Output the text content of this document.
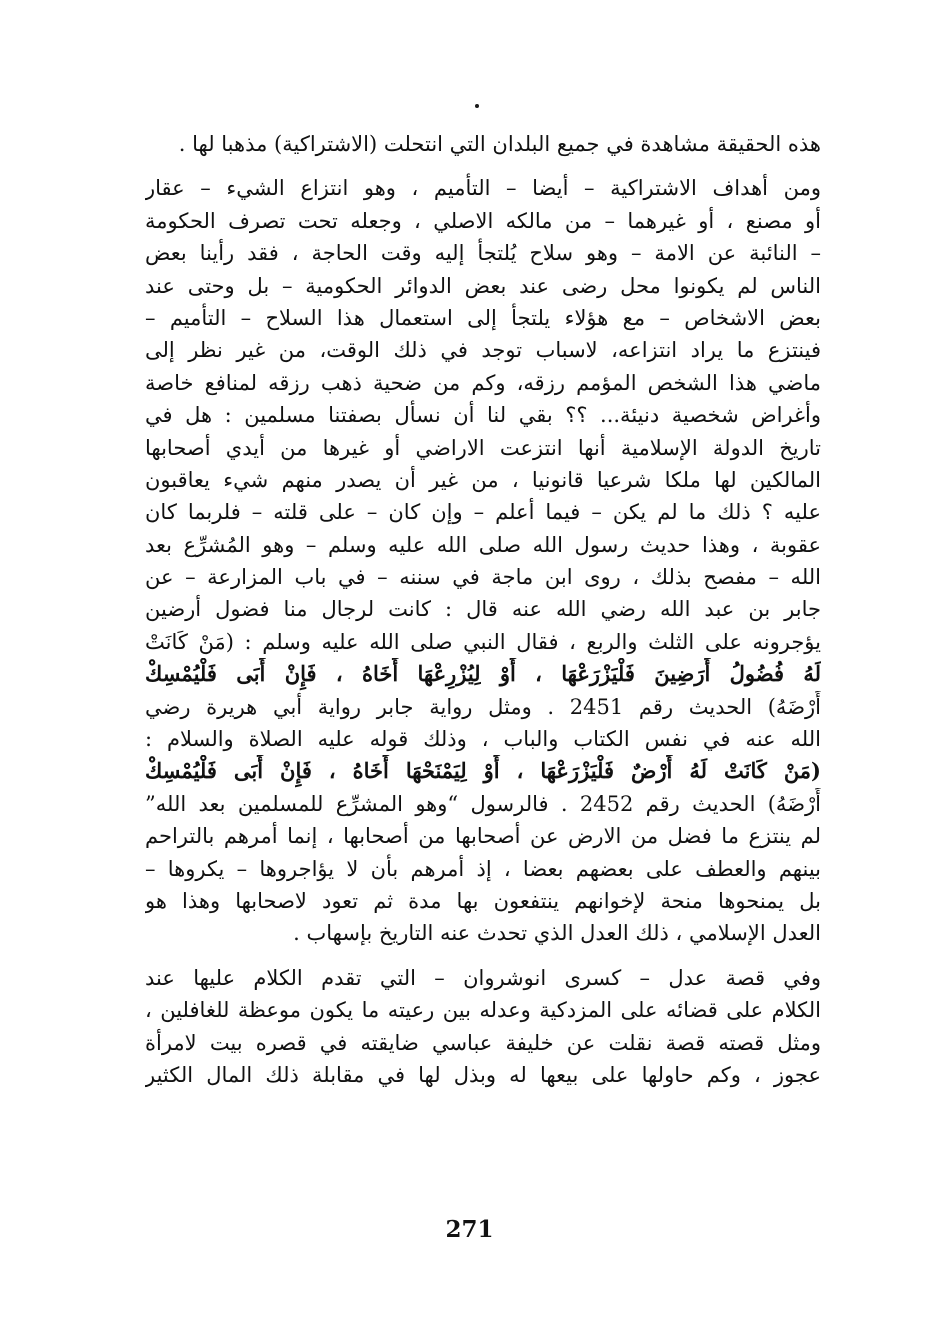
هذه الحقيقة مشاهدة في جميع البلدان التي انتحلت (الاشتراكية) مذهبا لها .
ومن أهداف الاشتراكية – أيضا – التأميم ، وهو انتزاع الشيء – عقار
أو مصنع ، أو غيرهما – من مالكه الاصلي ، وجعله تحت تصرف الحكومة
– النائبة عن الامة – وهو سلاح يُلتجأ إليه وقت الحاجة ، فقد رأينا بعض
الناس لم يكونوا محل رضى عند بعض الدوائر الحكومية – بل وحتى عند
بعض الاشخاص – مع هؤلاء يلتجأ إلى استعمال هذا السلاح – التأميم –
فينتزع ما يراد انتزاعه، لاسباب توجد في ذلك الوقت، من غير نظر إلى
ماضي هذا الشخص المؤمم رزقه، وكم من ضحية ذهب رزقه لمنافع خاصة
وأغراض شخصية دنيئة... ؟؟ بقي لنا أن نسأل بصفتنا مسلمين : هل في
تاريخ الدولة الإسلامية أنها انتزعت الاراضي أو غيرها من أيدي أصحابها
المالكين لها ملكا شرعيا قانونيا ، من غير أن يصدر منهم شيء يعاقبون
عليه ؟ ذلك ما لم يكن – فيما أعلم – وإن كان – على قلته – فلربما كان
عقوبة ، وهذا حديث رسول الله صلى الله عليه وسلم – وهو المُشرِّع بعد
الله – مفصح بذلك ، روى ابن ماجة في سننه – في باب المزارعة – عن
جابر بن عبد الله رضي الله عنه قال : كانت لرجال منا فضول أرضين
يؤجرونه على الثلث والربع ، فقال النبي صلى الله عليه وسلم : (مَنْ كَانَتْ
لَهُ فُضُولُ أَرَضِينَ فَلْيَزْرَعْهَا ، أَوْ لِيُزْرِعْهَا أَخَاهُ ، فَإِنْ أَبَى فَلْيُمْسِكْ
أَرْضَهُ) الحديث رقم 2451 . ومثل رواية جابر رواية أبي هريرة رضي
الله عنه في نفس الكتاب والباب ، وذلك قوله عليه الصلاة والسلام :
(مَنْ كَانَتْ لَهُ أَرْضٌ فَلْيَزْرَعْهَا ، أَوْ لِيَمْنَحْهَا أَخَاهُ ، فَإِنْ أَبَى فَلْيُمْسِكْ
أَرْضَهُ) الحديث رقم 2452 . فالرسول “وهو المشرِّع للمسلمين بعد الله”
لم ينتزع ما فضل من الارض عن أصحابها من أصحابها ، إنما أمرهم بالتراحم
بينهم والعطف على بعضهم بعضا ، إذ أمرهم بأن لا يؤاجروها – يكروها –
بل يمنحوها منحة لإخوانهم ينتفعون بها مدة ثم تعود لاصحابها وهذا هو
العدل الإسلامي ، ذلك العدل الذي تحدث عنه التاريخ بإسهاب .
وفي قصة عدل – كسرى انوشروان – التي تقدم الكلام عليها عند
الكلام على قضائه على المزدكية وعدله بين رعيته ما يكون موعظة للغافلين ،
ومثل قصته قصة نقلت عن خليفة عباسي ضايقته في قصره بيت لامرأة
عجوز ، وكم حاولها على بيعها له وبذل لها في مقابلة ذلك المال الكثير
271
